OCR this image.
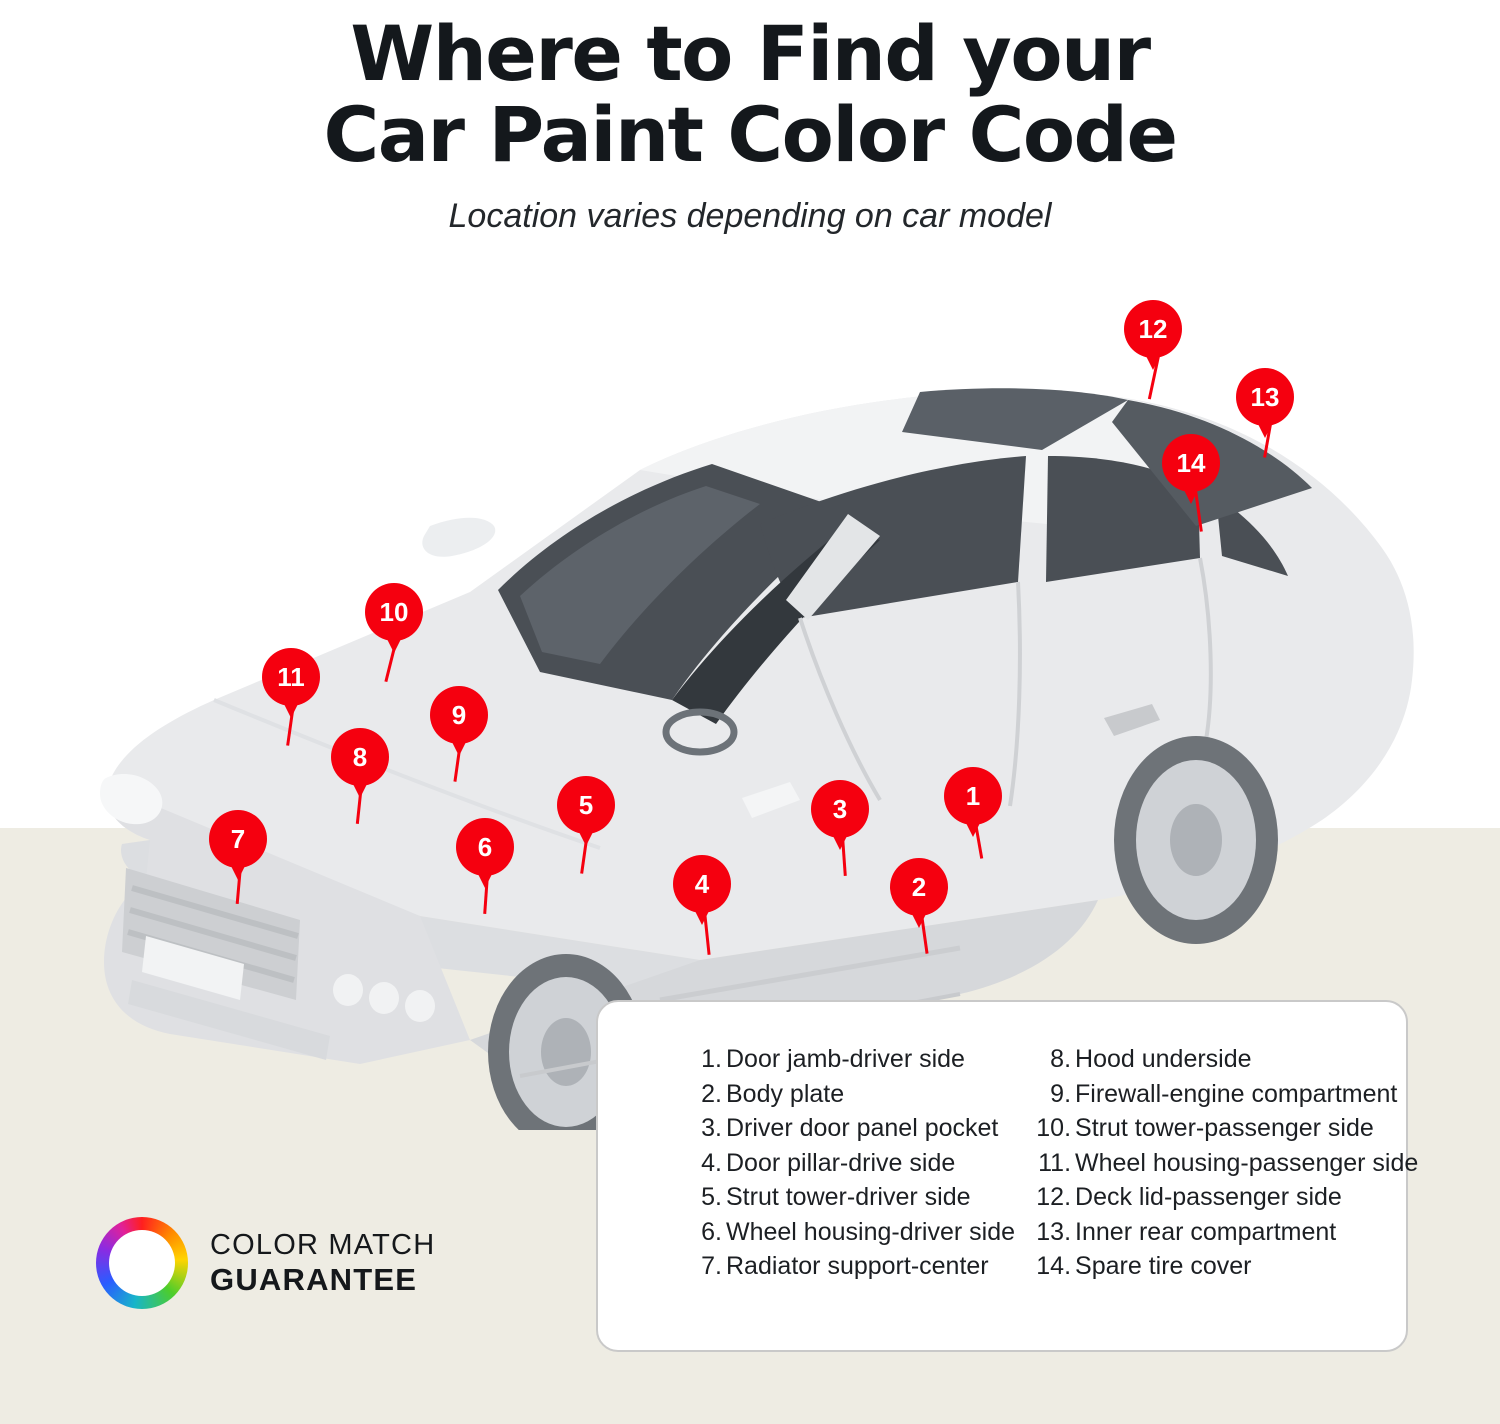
Where to Find your
Car Paint Color Code
Location varies depending on car model
1
2
3
4
5
6
7
8
9
10
11
12
13
14
1. Door jamb-driver side
2. Body plate
3. Driver door panel pocket
4. Door pillar-drive side
5. Strut tower-driver side
6. Wheel housing-driver side
7. Radiator support-center
8. Hood underside
9. Firewall-engine compartment
10. Strut tower-passenger side
11. Wheel housing-passenger side
12. Deck lid-passenger side
13. Inner rear compartment
14. Spare tire cover
COLOR MATCH
GUARANTEE
